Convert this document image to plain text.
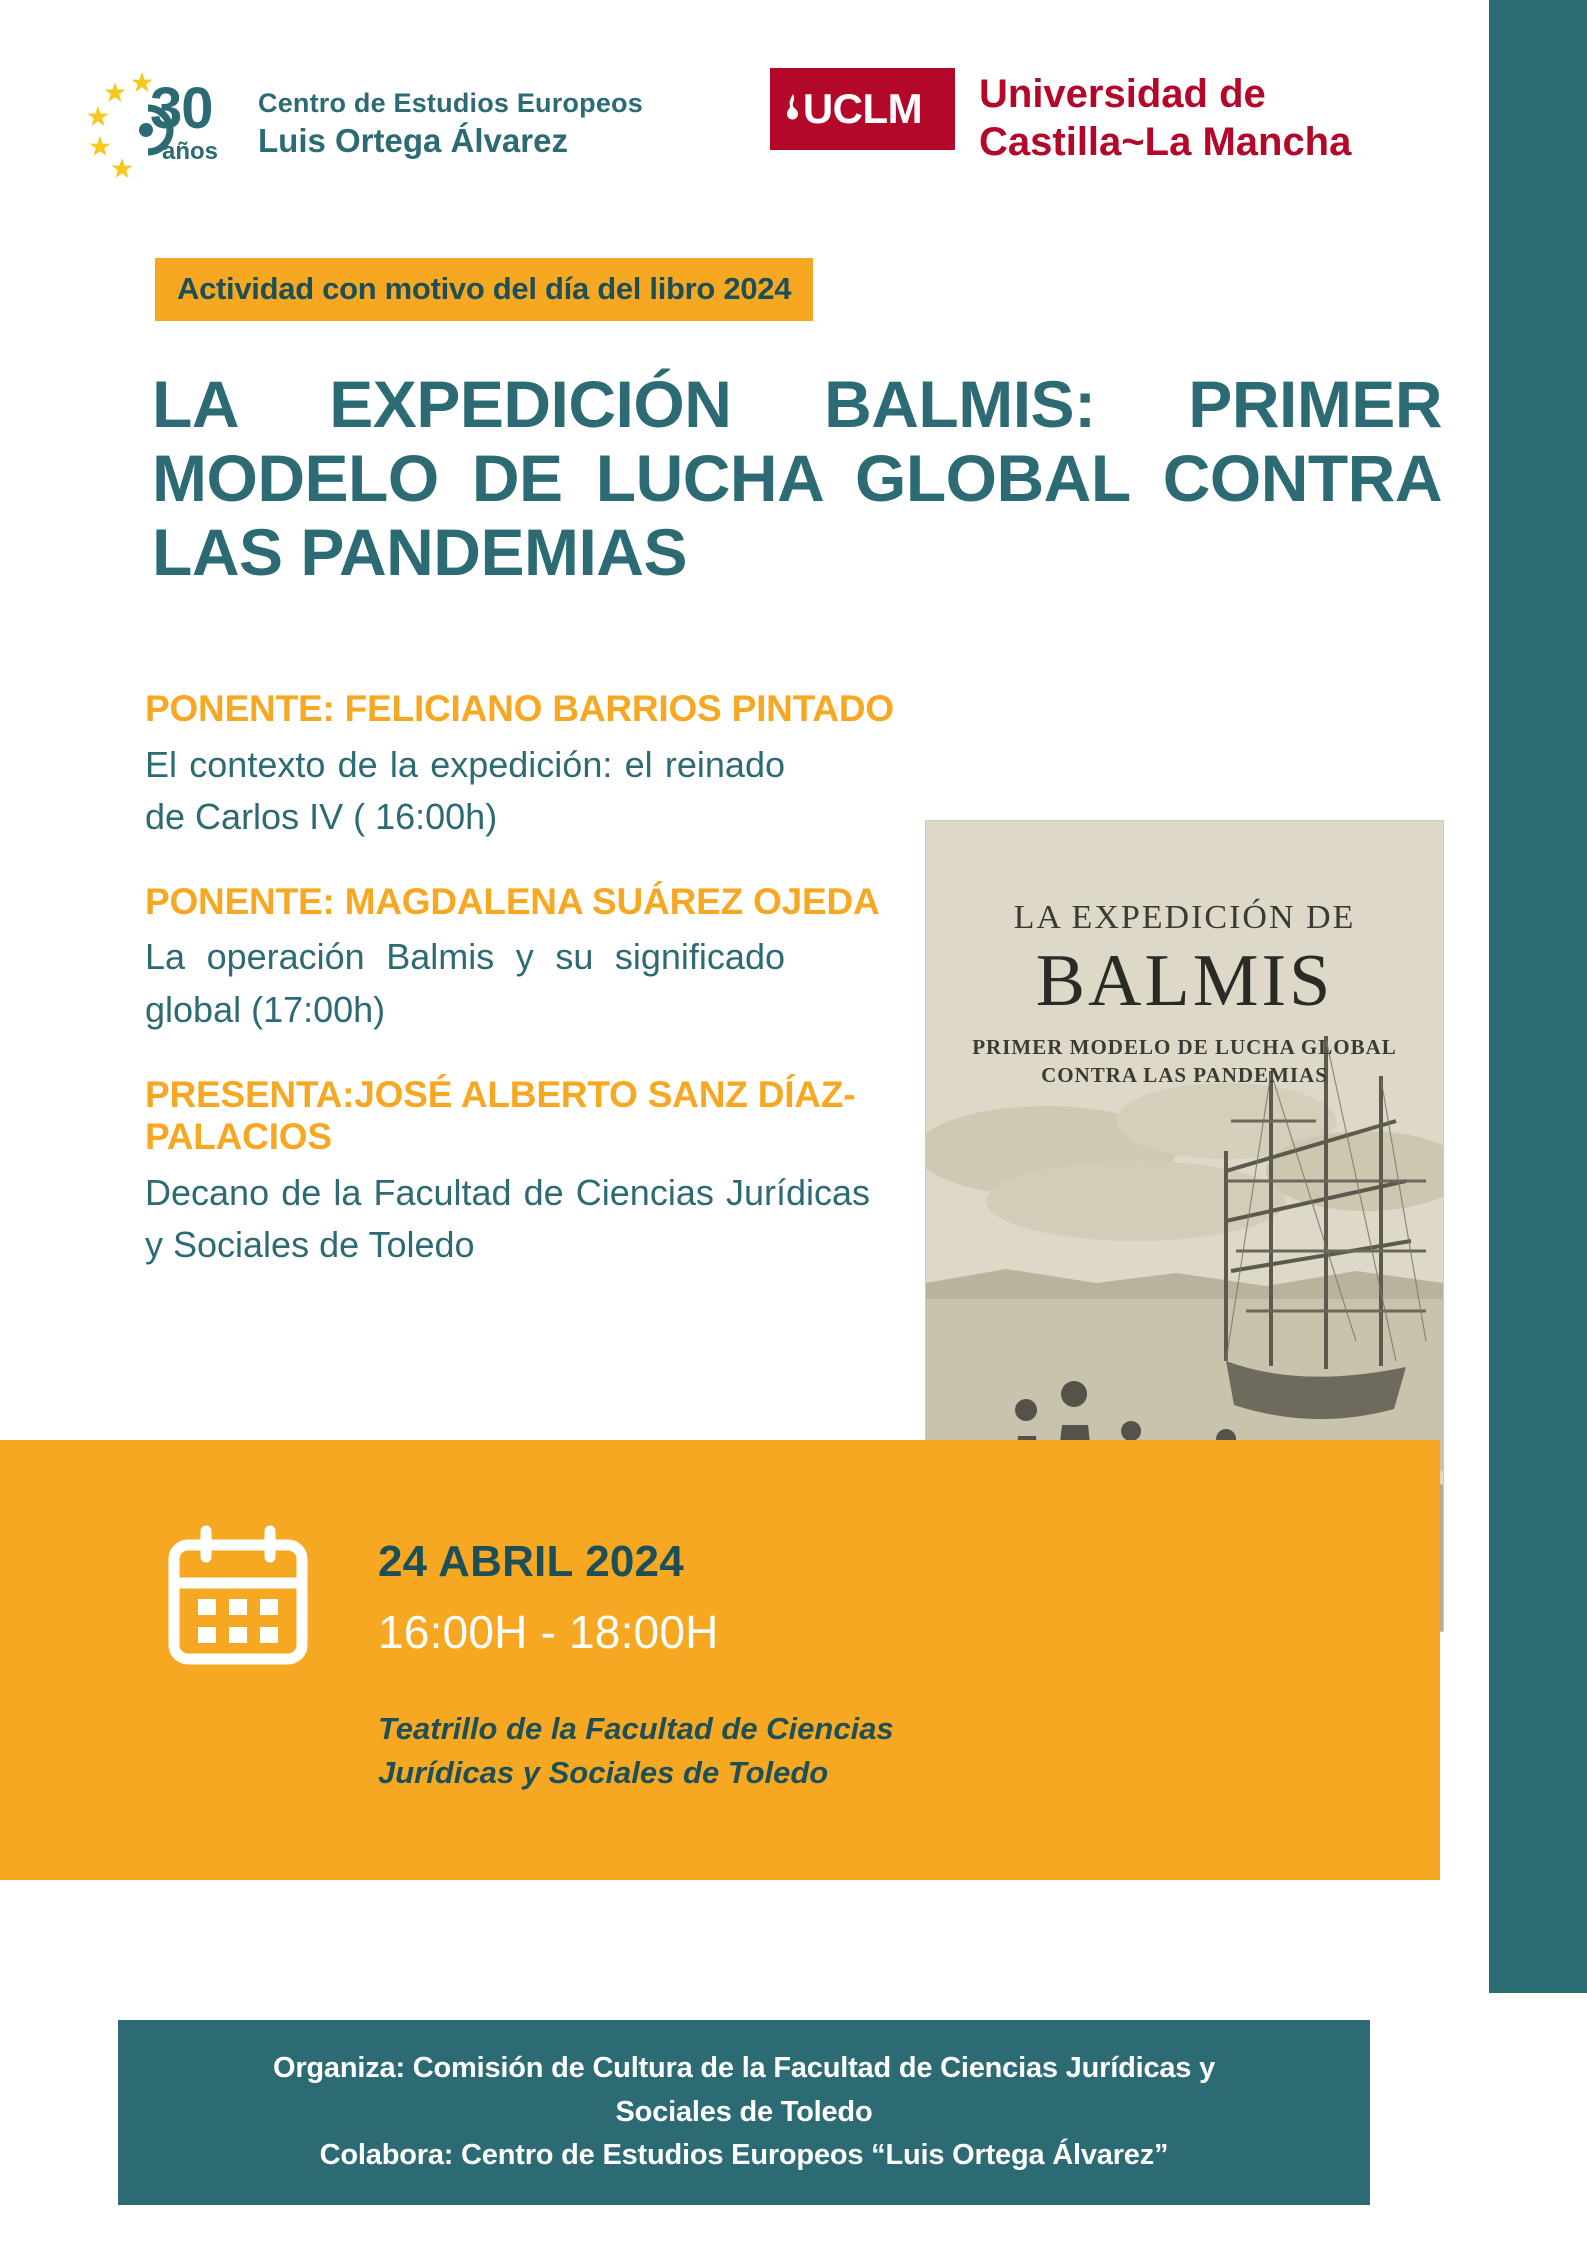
30
años
Centro de Estudios Europeos
Luis Ortega Álvarez
UCLM Universidad de
Castilla~La Mancha
Actividad con motivo del día del libro 2024
LA EXPEDICIÓN BALMIS: PRIMER
MODELO DE LUCHA GLOBAL CONTRA
LAS PANDEMIAS
PONENTE: FELICIANO BARRIOS PINTADO
El contexto de la expedición: el reinado de Carlos IV ( 16:00h)
PONENTE: MAGDALENA SUÁREZ OJEDA
La operación Balmis y su significado global (17:00h)
PRESENTA:JOSÉ ALBERTO SANZ DÍAZ-PALACIOS
Decano de la Facultad de Ciencias Jurídicas y Sociales de Toledo
LA EXPEDICIÓN DE
BALMIS
PRIMER MODELO DE LUCHA GLOBAL CONTRA LAS PANDEMIAS
24 ABRIL 2024
16:00H - 18:00H
Teatrillo de la Facultad de Ciencias
Jurídicas y Sociales de Toledo
Organiza: Comisión de Cultura de la Facultad de Ciencias Jurídicas y
Sociales de Toledo
Colabora: Centro de Estudios Europeos “Luis Ortega Álvarez”
